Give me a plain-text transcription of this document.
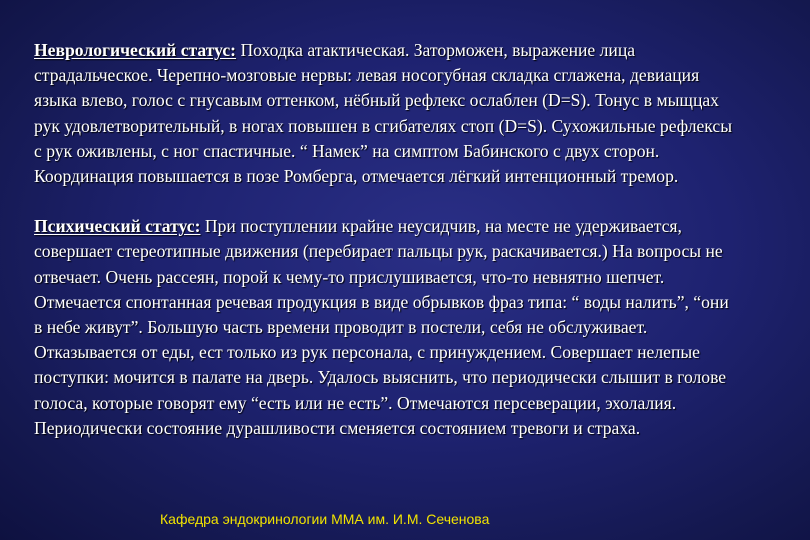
Неврологический статус: Походка атактическая. Заторможен, выражение лица страдальческое. Черепно-мозговые нервы: левая носогубная складка сглажена, девиация языка влево, голос с гнусавым оттенком, нёбный рефлекс ослаблен (D=S). Тонус в мыщцах рук удовлетворительный, в ногах повышен в сгибателях стоп (D=S). Сухожильные рефлексы с рук оживлены, с ног спастичные. “ Намек” на симптом Бабинского с двух сторон. Координация повышается в позе Ромберга, отмечается лёгкий интенционный тремор.

Психический статус: При поступлении крайне неусидчив, на месте не удерживается, совершает стереотипные движения (перебирает пальцы рук, раскачивается.) На вопросы не отвечает. Очень рассеян, порой к чему-то прислушивается, что-то невнятно шепчет. Отмечается спонтанная речевая продукция в виде обрывков фраз типа: “ воды налить”, “они в небе живут”. Большую часть времени проводит в постели, себя не обслуживает. Отказывается от еды, ест только из рук персонала, с принуждением. Совершает нелепые поступки: мочится в палате на дверь. Удалось выяснить, что периодически слышит в голове голоса, которые говорят ему “есть или не есть”. Отмечаются персеверации, эхолалия. Периодически состояние дурашливости сменяется состоянием тревоги и страха.

Кафедра эндокринологии ММА им. И.М. Сеченова
